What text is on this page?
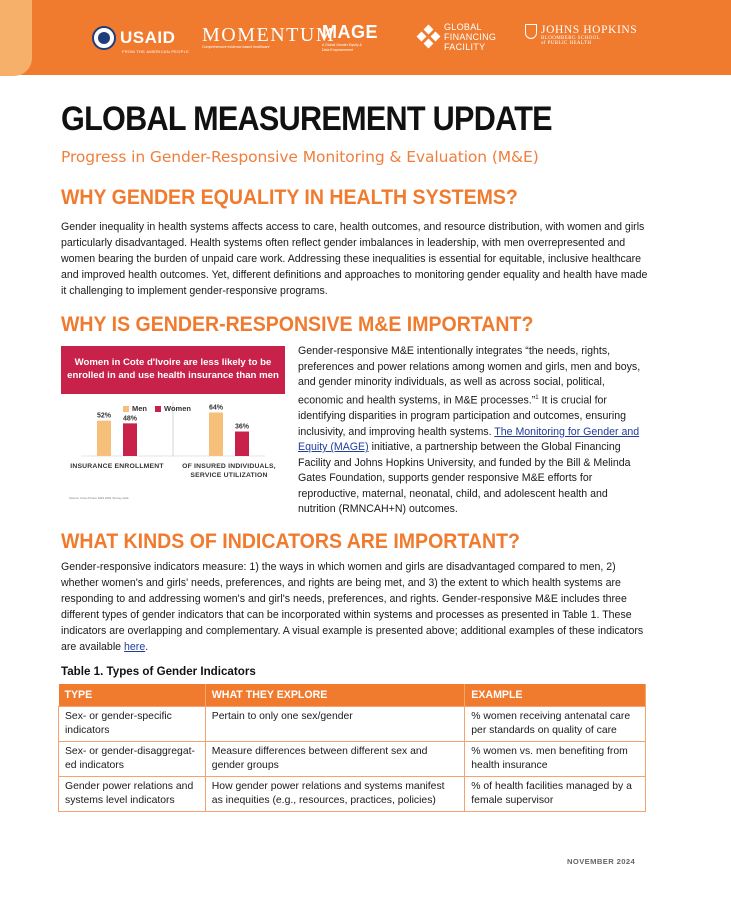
USAID
FROM THE AMERICAN PEOPLE
MOMENTUM
Comprehensive evidence-based healthcare
MAGE
A Global Gender Equity &
Data Empowerment
GLOBAL
FINANCING
FACILITY
JOHNS HOPKINS
BLOOMBERG SCHOOL
of PUBLIC HEALTH
GLOBAL MEASUREMENT UPDATE
Progress in Gender-Responsive Monitoring & Evaluation (M&E)
WHY GENDER EQUALITY IN HEALTH SYSTEMS?

Gender inequality in health systems affects access to care, health outcomes, and resource distribution, with women and girls particularly disadvantaged. Health systems often reflect gender imbalances in leadership, with men overrepresented and women bearing the burden of unpaid care work. Addressing these inequalities is essential for equitable, inclusive healthcare and improved health outcomes. Yet, different definitions and approaches to monitoring gender equality and health have made it challenging to implement gender-responsive programs.

WHY IS GENDER-RESPONSIVE M&E IMPORTANT?
Women in Cote d'Ivoire are less likely to be enrolled in and use health insurance than men
52% 48%
64%
36%
Men Women
INSURANCE ENROLLMENT	OF INSURED INDIVIDUALS,
SERVICE UTILIZATION
Source: Cote d'Ivoire DHS 2021 Survey data

Gender-responsive M&E intentionally integrates “the needs, rights, preferences and power relations among women and girls, men and boys, and gender minority individuals, as well as across social, political, economic and health systems, in M&E processes.”$^1$ It is crucial for identifying disparities in program participation and outcomes, ensuring inclusivity, and improving health systems. The Monitoring for Gender and Equity (MAGE) initiative, a partnership between the Global Financing Facility and Johns Hopkins University, and funded by the Bill & Melinda Gates Foundation, supports gender responsive M&E efforts for reproductive, maternal, neonatal, child, and adolescent health and nutrition (RMNCAH+N) outcomes.

WHAT KINDS OF INDICATORS ARE IMPORTANT?

Gender-responsive indicators measure: 1) the ways in which women and girls are disadvantaged compared to men, 2) whether women's and girls' needs, preferences, and rights are being met, and 3) the extent to which health systems are responding to and addressing women's and girl's needs, preferences, and rights. Gender-responsive M&E includes three different types of gender indicators that can be incorporated within systems and processes as presented in Table 1. These indicators are overlapping and complementary. A visual example is presented above; additional examples of these indicators are available here.

Table 1. Types of Gender Indicators
TYPE	WHAT THEY EXPLORE	EXAMPLE
Sex- or gender-specific indicators	Pertain to only one sex/gender	% women receiving antenatal care per standards on quality of care
Sex- or gender-disaggregat-ed indicators	Measure differences between different sex and gender groups	% women vs. men benefiting from health insurance
Gender power relations and systems level indicators	How gender power relations and systems manifest as inequities (e.g., resources, practices, policies)	% of health facilities managed by a female supervisor
NOVEMBER 2024
